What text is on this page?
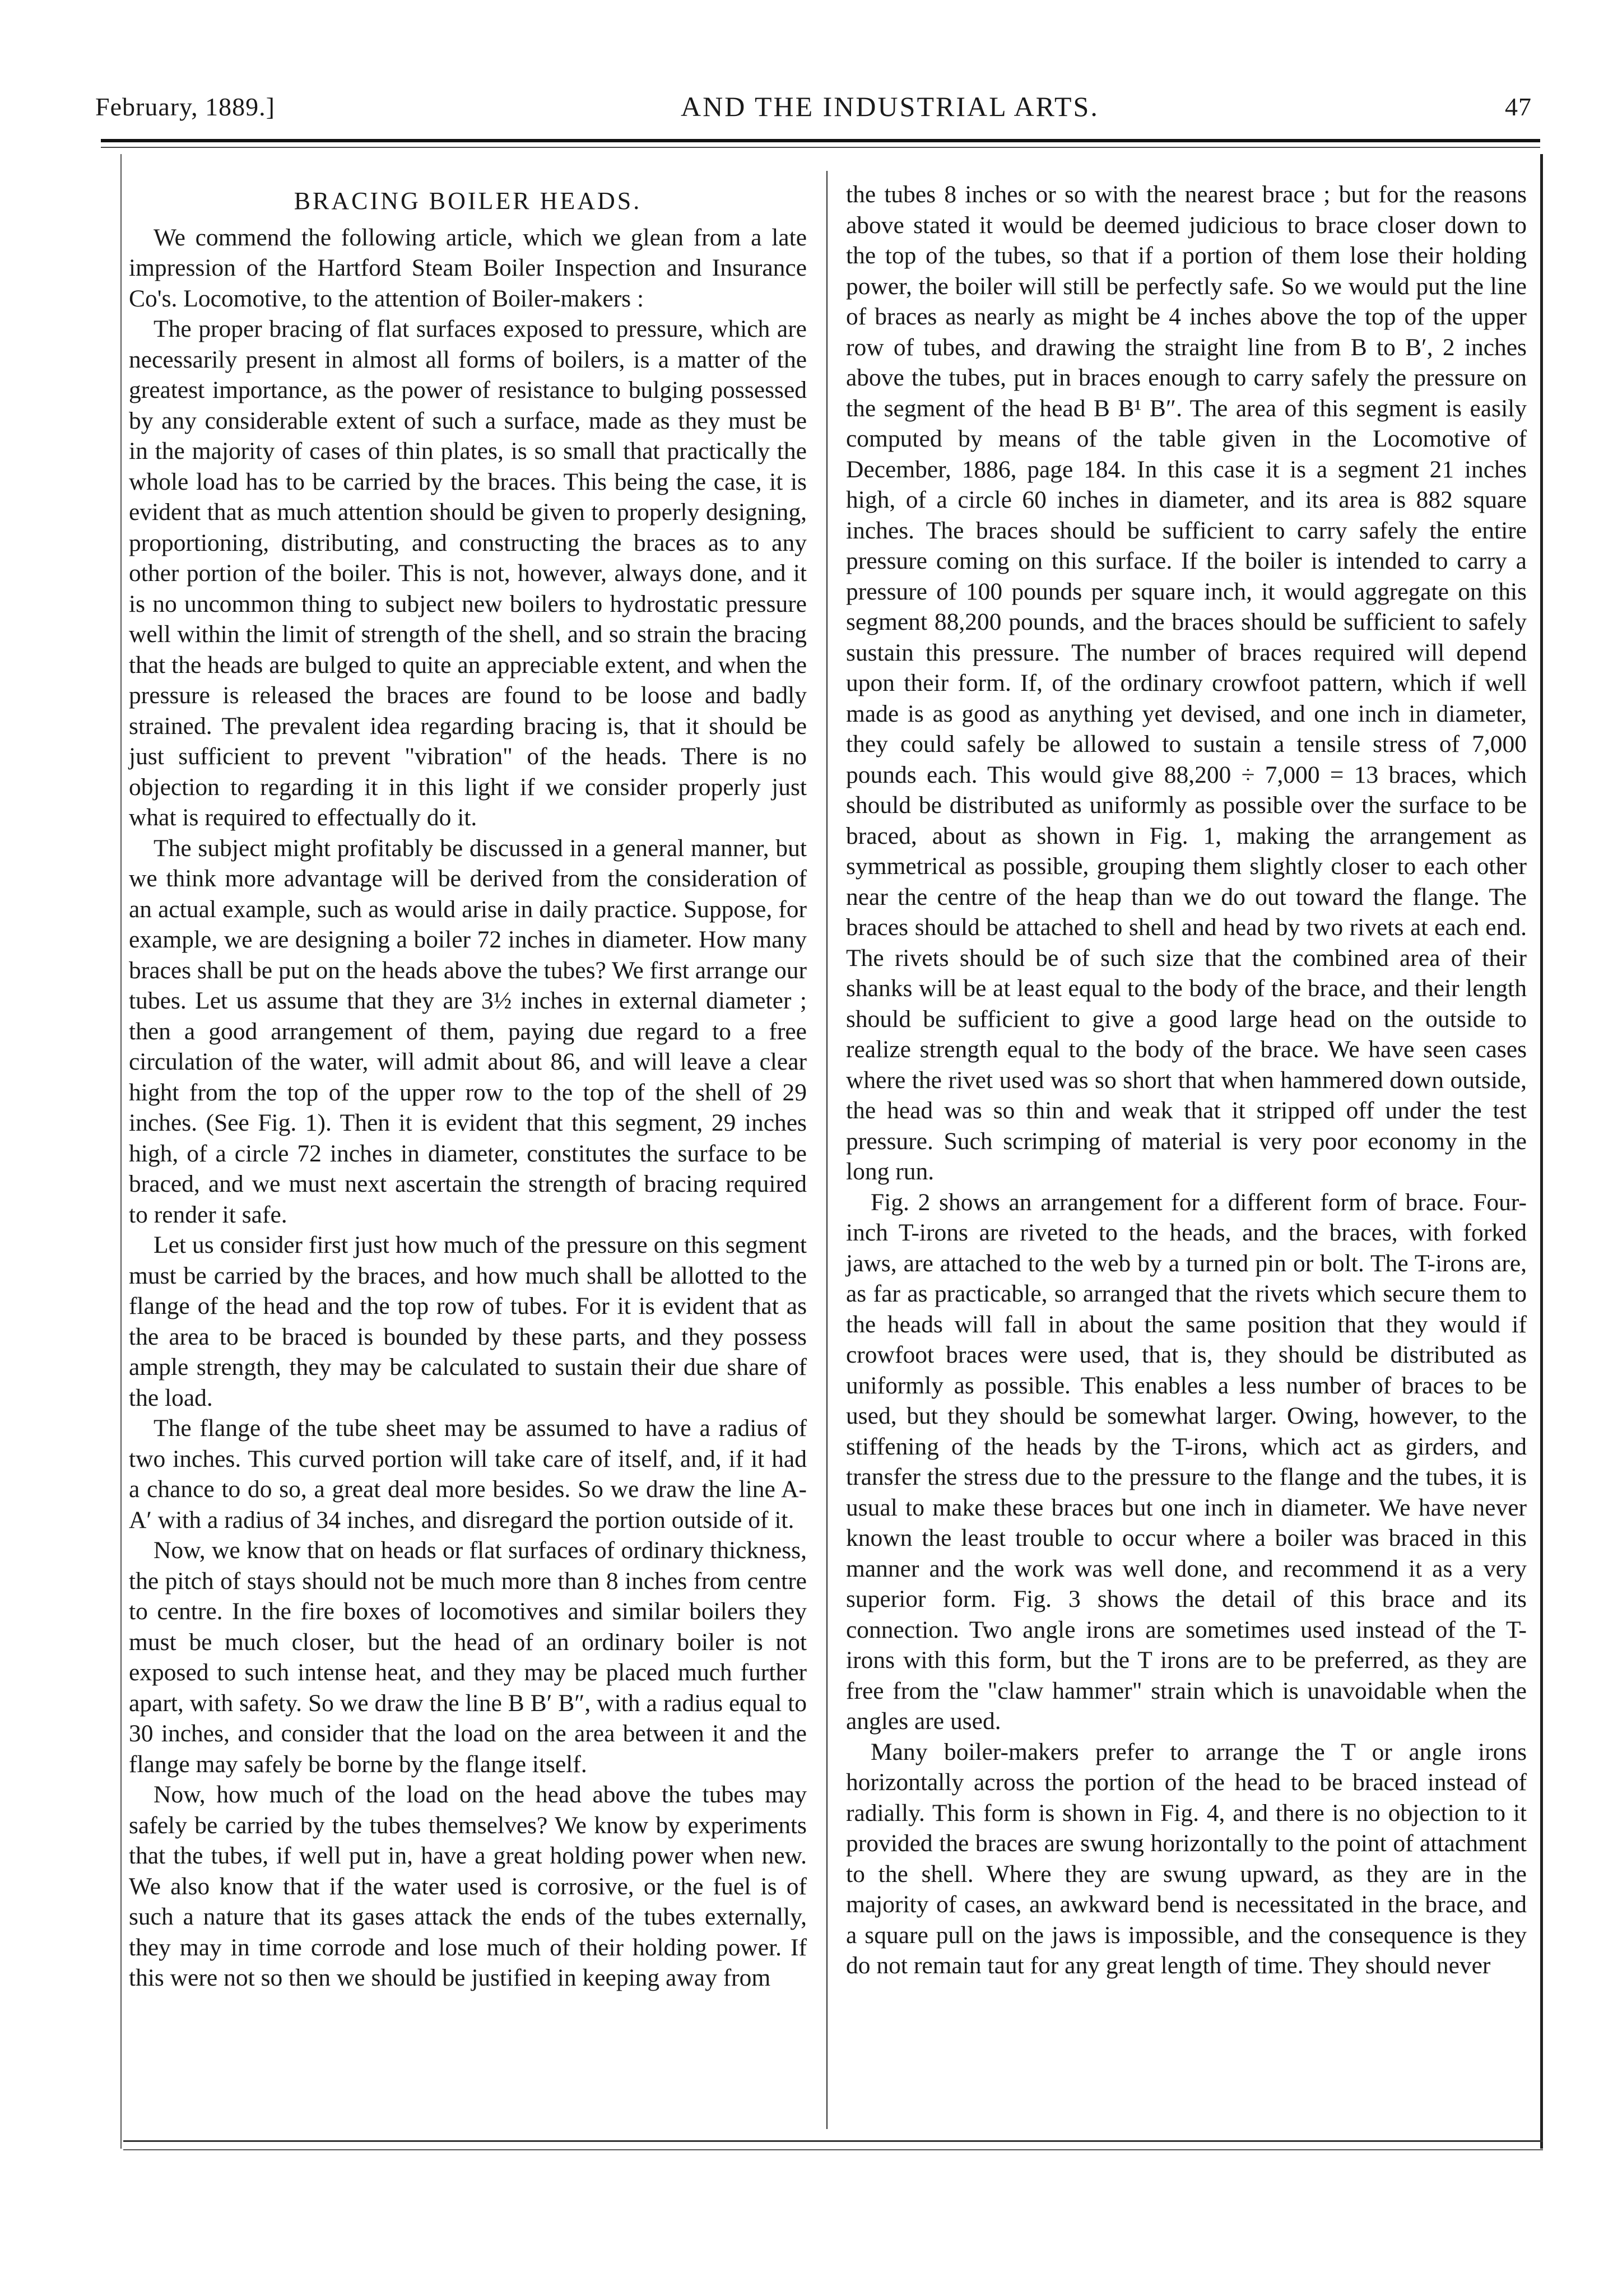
February, 1889.]	AND THE INDUSTRIAL ARTS.	47
BRACING BOILER HEADS.

We commend the following article, which we glean from a late impression of the Hartford Steam Boiler Inspection and Insurance Co's. Locomotive, to the attention of Boiler-makers :

The proper bracing of flat surfaces exposed to pressure, which are necessarily present in almost all forms of boilers, is a matter of the greatest importance, as the power of resistance to bulging possessed by any considerable extent of such a surface, made as they must be in the majority of cases of thin plates, is so small that practically the whole load has to be carried by the braces. This being the case, it is evident that as much attention should be given to properly designing, proportioning, distributing, and constructing the braces as to any other portion of the boiler. This is not, however, always done, and it is no uncommon thing to subject new boilers to hydrostatic pressure well within the limit of strength of the shell, and so strain the bracing that the heads are bulged to quite an appreciable extent, and when the pressure is released the braces are found to be loose and badly strained. The prevalent idea regarding bracing is, that it should be just sufficient to prevent "vibration" of the heads. There is no objection to regarding it in this light if we consider properly just what is required to effectually do it.

The subject might profitably be discussed in a general manner, but we think more advantage will be derived from the consideration of an actual example, such as would arise in daily practice. Suppose, for example, we are designing a boiler 72 inches in diameter. How many braces shall be put on the heads above the tubes? We first arrange our tubes. Let us assume that they are 3½ inches in external diameter ; then a good arrangement of them, paying due regard to a free circulation of the water, will admit about 86, and will leave a clear hight from the top of the upper row to the top of the shell of 29 inches. (See Fig. 1). Then it is evident that this segment, 29 inches high, of a circle 72 inches in diameter, constitutes the surface to be braced, and we must next ascertain the strength of bracing required to render it safe.

Let us consider first just how much of the pressure on this segment must be carried by the braces, and how much shall be allotted to the flange of the head and the top row of tubes. For it is evident that as the area to be braced is bounded by these parts, and they possess ample strength, they may be calculated to sustain their due share of the load.

The flange of the tube sheet may be assumed to have a radius of two inches. This curved portion will take care of itself, and, if it had a chance to do so, a great deal more besides. So we draw the line A-A′ with a radius of 34 inches, and disregard the portion outside of it.

Now, we know that on heads or flat surfaces of ordinary thickness, the pitch of stays should not be much more than 8 inches from centre to centre. In the fire boxes of locomotives and similar boilers they must be much closer, but the head of an ordinary boiler is not exposed to such intense heat, and they may be placed much further apart, with safety. So we draw the line B B′ B″, with a radius equal to 30 inches, and consider that the load on the area between it and the flange may safely be borne by the flange itself.

Now, how much of the load on the head above the tubes may safely be carried by the tubes themselves? We know by experiments that the tubes, if well put in, have a great holding power when new. We also know that if the water used is corrosive, or the fuel is of such a nature that its gases attack the ends of the tubes externally, they may in time corrode and lose much of their holding power. If this were not so then we should be justified in keeping away from

the tubes 8 inches or so with the nearest brace ; but for the reasons above stated it would be deemed judicious to brace closer down to the top of the tubes, so that if a portion of them lose their holding power, the boiler will still be perfectly safe. So we would put the line of braces as nearly as might be 4 inches above the top of the upper row of tubes, and drawing the straight line from B to B′, 2 inches above the tubes, put in braces enough to carry safely the pressure on the segment of the head B B¹ B″. The area of this segment is easily computed by means of the table given in the Locomotive of December, 1886, page 184. In this case it is a segment 21 inches high, of a circle 60 inches in diameter, and its area is 882 square inches. The braces should be sufficient to carry safely the entire pressure coming on this surface. If the boiler is intended to carry a pressure of 100 pounds per square inch, it would aggregate on this segment 88,200 pounds, and the braces should be sufficient to safely sustain this pressure. The number of braces required will depend upon their form. If, of the ordinary crowfoot pattern, which if well made is as good as anything yet devised, and one inch in diameter, they could safely be allowed to sustain a tensile stress of 7,000 pounds each. This would give 88,200 ÷ 7,000 = 13 braces, which should be distributed as uniformly as possible over the surface to be braced, about as shown in Fig. 1, making the arrangement as symmetrical as possible, grouping them slightly closer to each other near the centre of the heap than we do out toward the flange. The braces should be attached to shell and head by two rivets at each end. The rivets should be of such size that the combined area of their shanks will be at least equal to the body of the brace, and their length should be sufficient to give a good large head on the outside to realize strength equal to the body of the brace. We have seen cases where the rivet used was so short that when hammered down outside, the head was so thin and weak that it stripped off under the test pressure. Such scrimping of material is very poor economy in the long run.

Fig. 2 shows an arrangement for a different form of brace. Four-inch T-irons are riveted to the heads, and the braces, with forked jaws, are attached to the web by a turned pin or bolt. The T-irons are, as far as practicable, so arranged that the rivets which secure them to the heads will fall in about the same position that they would if crowfoot braces were used, that is, they should be distributed as uniformly as possible. This enables a less number of braces to be used, but they should be somewhat larger. Owing, however, to the stiffening of the heads by the T-irons, which act as girders, and transfer the stress due to the pressure to the flange and the tubes, it is usual to make these braces but one inch in diameter. We have never known the least trouble to occur where a boiler was braced in this manner and the work was well done, and recommend it as a very superior form. Fig. 3 shows the detail of this brace and its connection. Two angle irons are sometimes used instead of the T-irons with this form, but the T irons are to be preferred, as they are free from the "claw hammer" strain which is unavoidable when the angles are used.

Many boiler-makers prefer to arrange the T or angle irons horizontally across the portion of the head to be braced instead of radially. This form is shown in Fig. 4, and there is no objection to it provided the braces are swung horizontally to the point of attachment to the shell. Where they are swung upward, as they are in the majority of cases, an awkward bend is necessitated in the brace, and a square pull on the jaws is impossible, and the consequence is they do not remain taut for any great length of time. They should never
